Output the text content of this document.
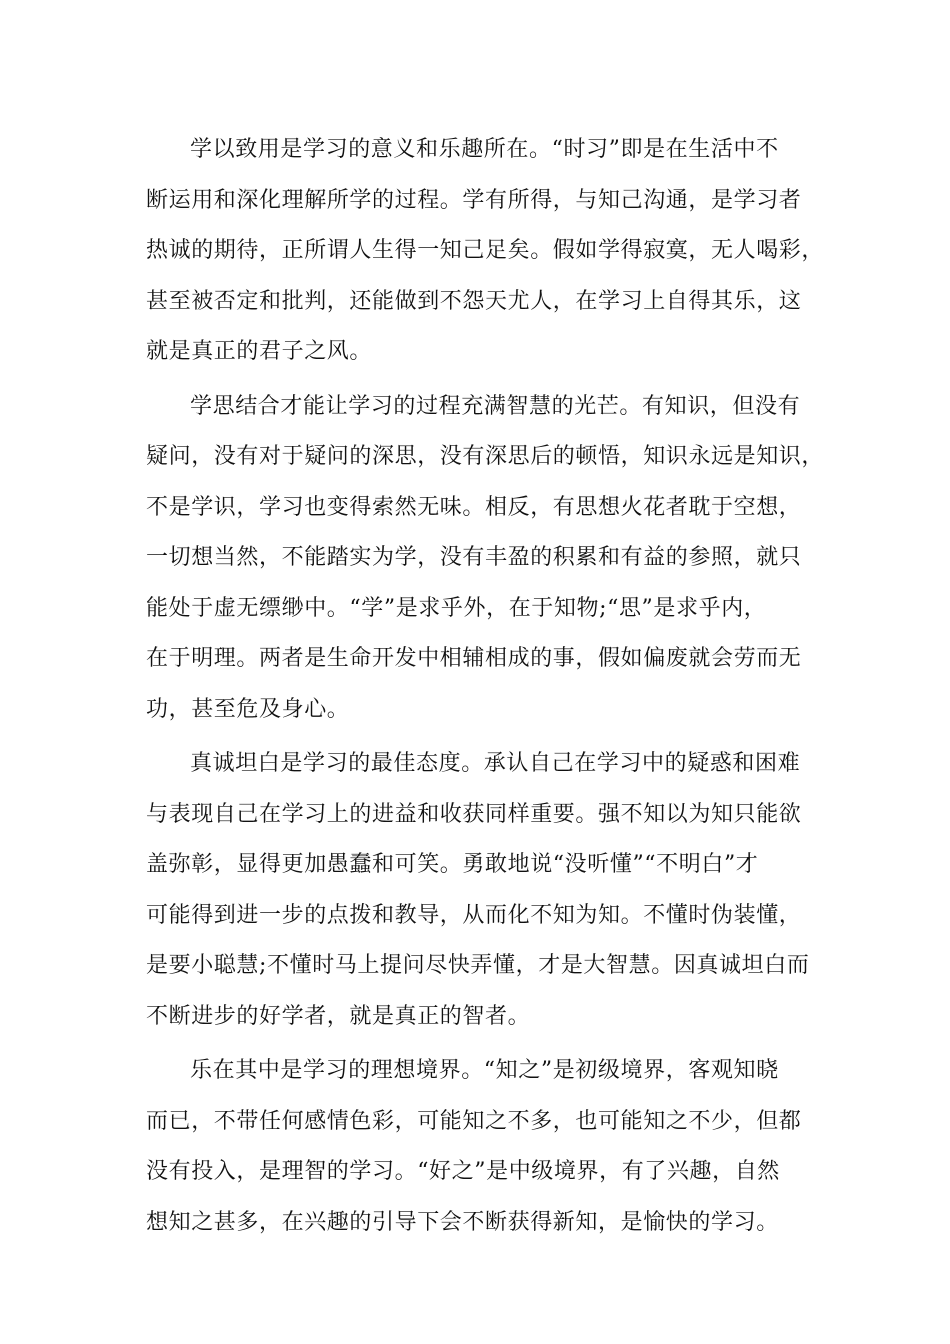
学以致用是学习的意义和乐趣所在。“时习”即是在生活中不
断运用和深化理解所学的过程。学有所得，与知己沟通，是学习者
热诚的期待，正所谓人生得一知己足矣。假如学得寂寞，无人喝彩，
甚至被否定和批判，还能做到不怨天尤人，在学习上自得其乐，这
就是真正的君子之风。

学思结合才能让学习的过程充满智慧的光芒。有知识，但没有
疑问，没有对于疑问的深思，没有深思后的顿悟，知识永远是知识，
不是学识，学习也变得索然无味。相反，有思想火花者耽于空想，
一切想当然，不能踏实为学，没有丰盈的积累和有益的参照，就只
能处于虚无缥缈中。“学”是求乎外，在于知物;“思”是求乎内，
在于明理。两者是生命开发中相辅相成的事，假如偏废就会劳而无
功，甚至危及身心。

真诚坦白是学习的最佳态度。承认自己在学习中的疑惑和困难
与表现自己在学习上的进益和收获同样重要。强不知以为知只能欲
盖弥彰，显得更加愚蠢和可笑。勇敢地说“没听懂”“不明白”才
可能得到进一步的点拨和教导，从而化不知为知。不懂时伪装懂，
是要小聪慧;不懂时马上提问尽快弄懂，才是大智慧。因真诚坦白而
不断进步的好学者，就是真正的智者。

乐在其中是学习的理想境界。“知之”是初级境界，客观知晓
而已，不带任何感情色彩，可能知之不多，也可能知之不少，但都
没有投入，是理智的学习。“好之”是中级境界，有了兴趣，自然
想知之甚多，在兴趣的引导下会不断获得新知，是愉快的学习。
